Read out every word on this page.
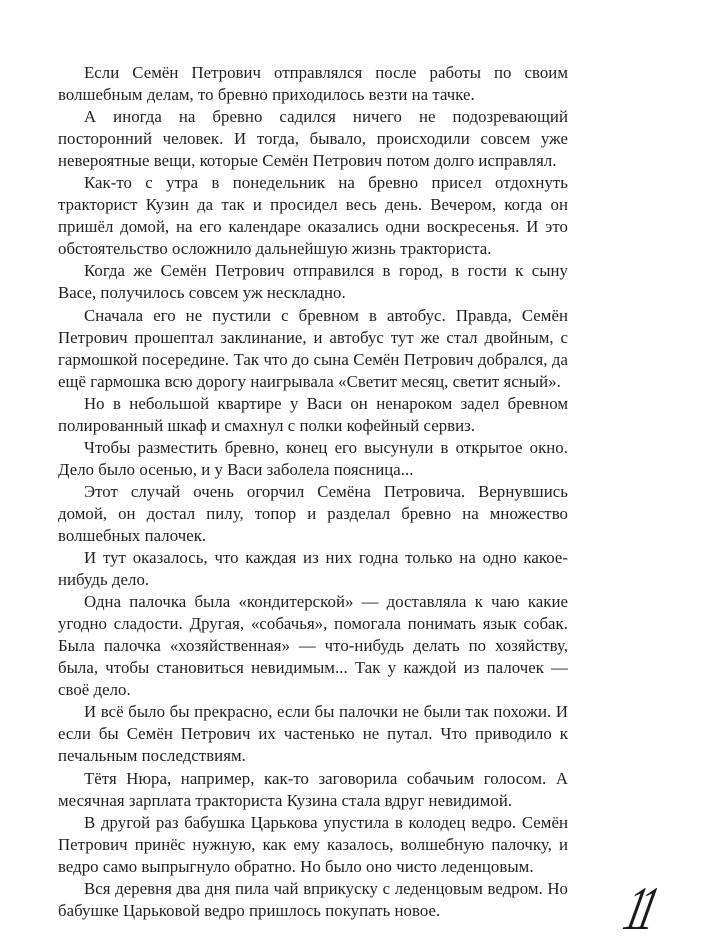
Если Семён Петрович отправлялся после работы по своим волшебным делам, то бревно приходилось везти на тачке.

А иногда на бревно садился ничего не подозревающий посторонний человек. И тогда, бывало, происходили совсем уже невероятные вещи, которые Семён Петрович потом долго исправлял.

Как-то с утра в понедельник на бревно присел отдохнуть тракторист Кузин да так и просидел весь день. Вечером, когда он пришёл домой, на его календаре оказались одни воскресенья. И это обстоятельство осложнило дальнейшую жизнь тракториста.

Когда же Семён Петрович отправился в город, в гости к сыну Васе, получилось совсем уж нескладно.

Сначала его не пустили с бревном в автобус. Правда, Семён Петрович прошептал заклинание, и автобус тут же стал двойным, с гармошкой посередине. Так что до сына Семён Петрович добрался, да ещё гармошка всю дорогу наигрывала «Светит месяц, светит ясный».

Но в небольшой квартире у Васи он ненароком задел бревном полированный шкаф и смахнул с полки кофейный сервиз.

Чтобы разместить бревно, конец его высунули в открытое окно. Дело было осенью, и у Васи заболела поясница...

Этот случай очень огорчил Семёна Петровича. Вернувшись домой, он достал пилу, топор и разделал бревно на множество волшебных палочек.

И тут оказалось, что каждая из них годна только на одно какое-нибудь дело.

Одна палочка была «кондитерской» — доставляла к чаю какие угодно сладости. Другая, «собачья», помогала понимать язык собак. Была палочка «хозяйственная» — что-нибудь делать по хозяйству, была, чтобы становиться невидимым... Так у каждой из палочек — своё дело.

И всё было бы прекрасно, если бы палочки не были так похожи. И если бы Семён Петрович их частенько не путал. Что приводило к печальным последствиям.

Тётя Нюра, например, как-то заговорила собачьим голосом. А месячная зарплата тракториста Кузина стала вдруг невидимой.

В другой раз бабушка Царькова упустила в колодец ведро. Семён Петрович принёс нужную, как ему казалось, волшебную палочку, и ведро само выпрыгнуло обратно. Но было оно чисто леденцовым.

Вся деревня два дня пила чай вприкуску с леденцовым ведром. Но бабушке Царьковой ведро пришлось покупать новое.	11
